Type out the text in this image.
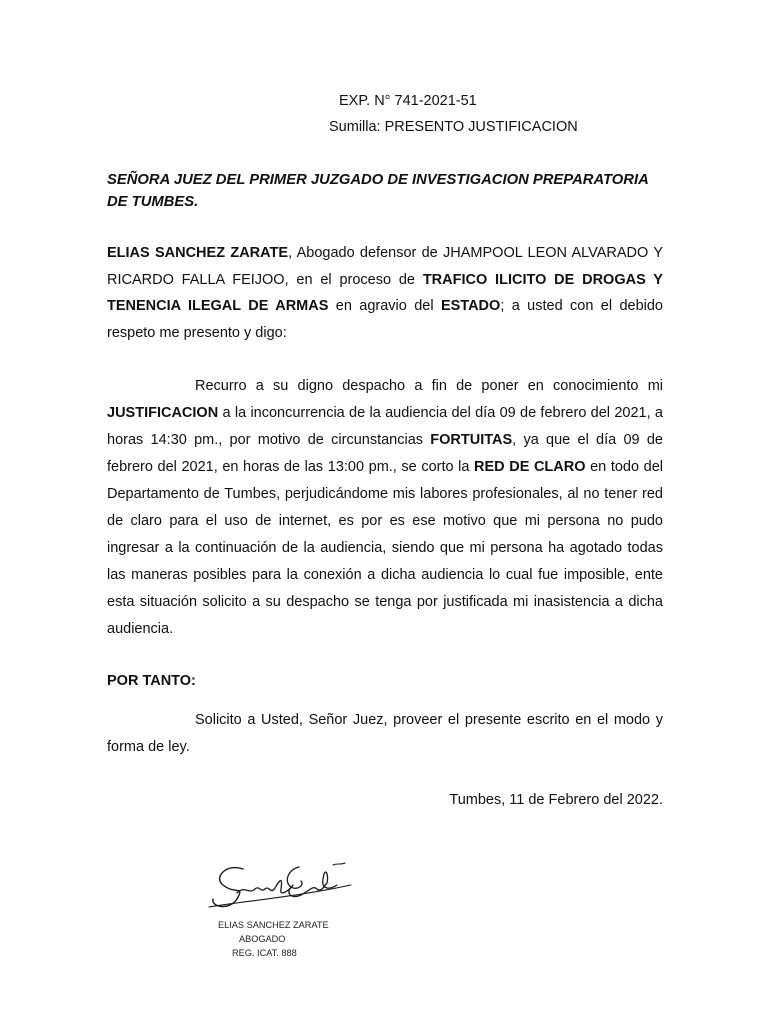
EXP. N° 741-2021-51
Sumilla: PRESENTO JUSTIFICACION
SEÑORA JUEZ DEL PRIMER JUZGADO DE INVESTIGACION PREPARATORIA DE TUMBES.
ELIAS SANCHEZ ZARATE, Abogado defensor de JHAMPOOL LEON ALVARADO Y RICARDO FALLA FEIJOO, en el proceso de TRAFICO ILICITO DE DROGAS Y TENENCIA ILEGAL DE ARMAS en agravio del ESTADO; a usted con el debido respeto me presento y digo:
Recurro a su digno despacho a fin de poner en conocimiento mi JUSTIFICACION a la inconcurrencia de la audiencia del día 09 de febrero del 2021, a horas 14:30 pm., por motivo de circunstancias FORTUITAS, ya que el día 09 de febrero del 2021, en horas de las 13:00 pm., se corto la RED DE CLARO en todo del Departamento de Tumbes, perjudicándome mis labores profesionales, al no tener red de claro para el uso de internet, es por es ese motivo que mi persona no pudo ingresar a la continuación de la audiencia, siendo que mi persona ha agotado todas las maneras posibles para la conexión a dicha audiencia lo cual fue imposible, ente esta situación solicito a su despacho se tenga por justificada mi inasistencia a dicha audiencia.
POR TANTO:
Solicito a Usted, Señor Juez, proveer el presente escrito en el modo y forma de ley.
Tumbes, 11 de Febrero del 2022.
ELIAS SANCHEZ ZARATE
ABOGADO
REG. ICAT. 888
